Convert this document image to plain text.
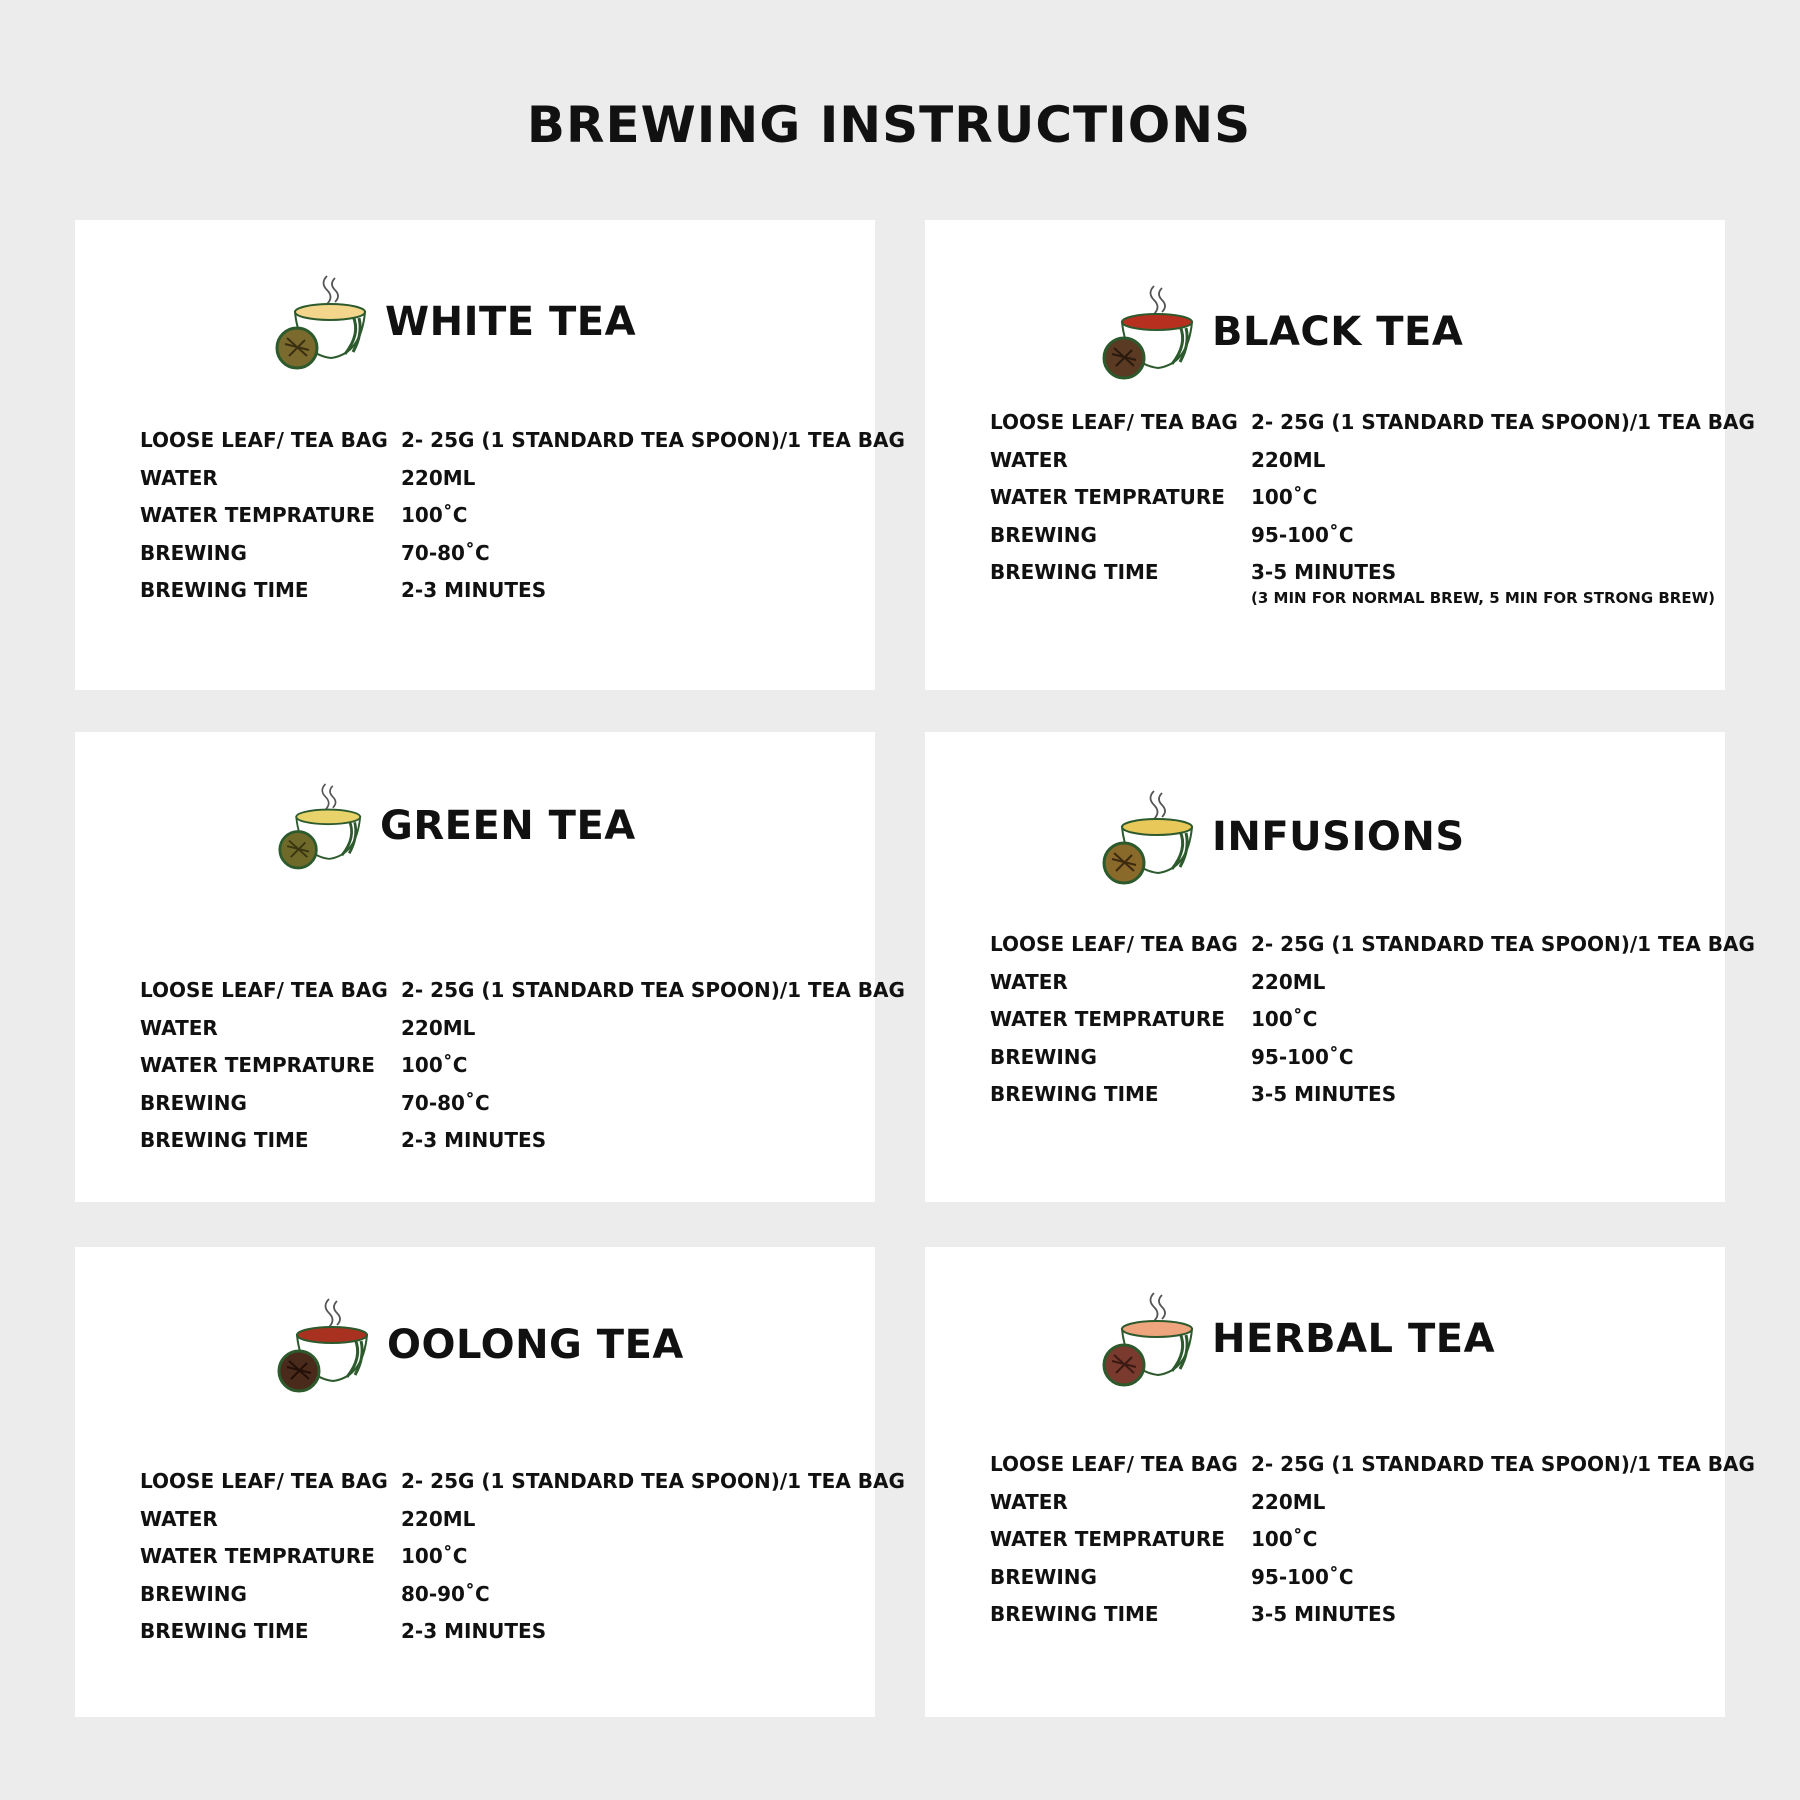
BREWING INSTRUCTIONS
WHITE TEA
LOOSE LEAF/ TEA BAG 2- 25G (1 STANDARD TEA SPOON)/1 TEA BAG
WATER	220ML
WATER TEMPRATURE 100˚C
BREWING	70-80˚C
BREWING TIME	2-3 MINUTES
BLACK TEA
LOOSE LEAF/ TEA BAG 2- 25G (1 STANDARD TEA SPOON)/1 TEA BAG
WATER	220ML
WATER TEMPRATURE 100˚C
BREWING	95-100˚C
BREWING TIME	3-5 MINUTES
(3 MIN FOR NORMAL BREW, 5 MIN FOR STRONG BREW)
GREEN TEA
LOOSE LEAF/ TEA BAG 2- 25G (1 STANDARD TEA SPOON)/1 TEA BAG
WATER	220ML
WATER TEMPRATURE 100˚C
BREWING	70-80˚C
BREWING TIME	2-3 MINUTES
INFUSIONS
LOOSE LEAF/ TEA BAG 2- 25G (1 STANDARD TEA SPOON)/1 TEA BAG
WATER	220ML
WATER TEMPRATURE 100˚C
BREWING	95-100˚C
BREWING TIME	3-5 MINUTES
OOLONG TEA
LOOSE LEAF/ TEA BAG 2- 25G (1 STANDARD TEA SPOON)/1 TEA BAG
WATER	220ML
WATER TEMPRATURE 100˚C
BREWING	80-90˚C
BREWING TIME	2-3 MINUTES
HERBAL TEA
LOOSE LEAF/ TEA BAG 2- 25G (1 STANDARD TEA SPOON)/1 TEA BAG
WATER	220ML
WATER TEMPRATURE 100˚C
BREWING	95-100˚C
BREWING TIME	3-5 MINUTES
